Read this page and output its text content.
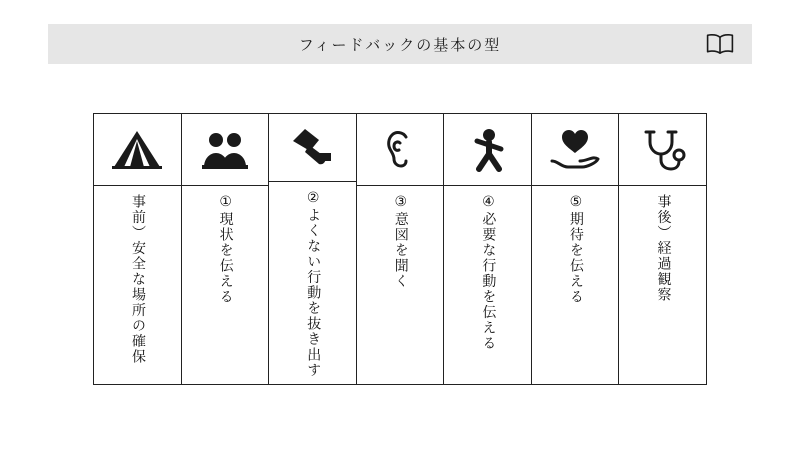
フィードバックの基本の型
事前）安全な場所の確保	①現状を伝える	②よくない行動を抜き出す	③意図を聞く	④必要な行動を伝える	⑤期待を伝える	事後）経過観察
